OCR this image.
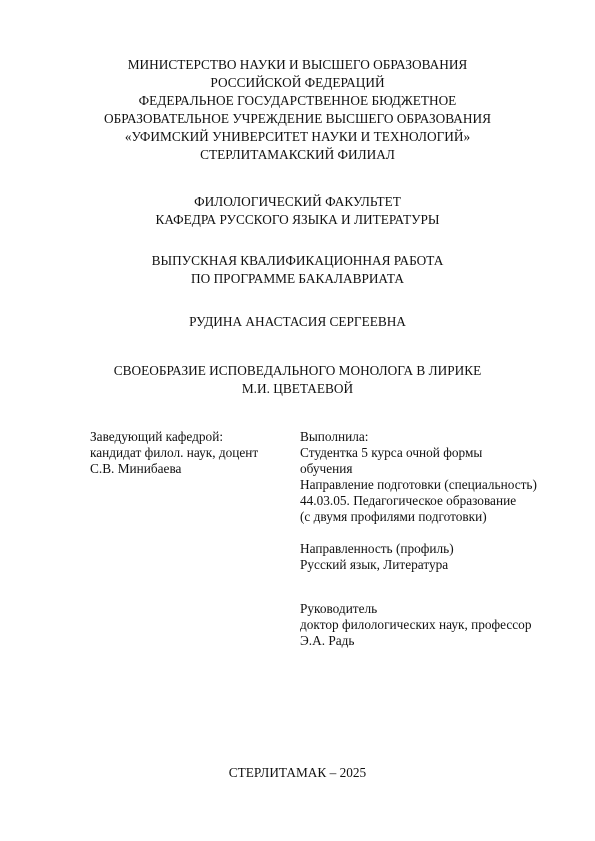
МИНИСТЕРСТВО НАУКИ И ВЫСШЕГО ОБРАЗОВАНИЯ
РОССИЙСКОЙ ФЕДЕРАЦИЙ
ФЕДЕРАЛЬНОЕ ГОСУДАРСТВЕННОЕ БЮДЖЕТНОЕ
ОБРАЗОВАТЕЛЬНОЕ УЧРЕЖДЕНИЕ ВЫСШЕГО ОБРАЗОВАНИЯ
«УФИМСКИЙ УНИВЕРСИТЕТ НАУКИ И ТЕХНОЛОГИЙ»
СТЕРЛИТАМАКСКИЙ ФИЛИАЛ
ФИЛОЛОГИЧЕСКИЙ ФАКУЛЬТЕТ
КАФЕДРА РУССКОГО ЯЗЫКА И ЛИТЕРАТУРЫ
ВЫПУСКНАЯ КВАЛИФИКАЦИОННАЯ РАБОТА
ПО ПРОГРАММЕ БАКАЛАВРИАТА
РУДИНА АНАСТАСИЯ СЕРГЕЕВНА
СВОЕОБРАЗИЕ ИСПОВЕДАЛЬНОГО МОНОЛОГА В ЛИРИКЕ
М.И. ЦВЕТАЕВОЙ
Заведующий кафедрой:
кандидат филол. наук, доцент
С.В. Минибаева
Выполнила:
Студентка 5 курса очной формы
обучения
Направление подготовки (специальность)
44.03.05. Педагогическое образование
(с двумя профилями подготовки)
Направленность (профиль)
Русский язык, Литература
Руководитель
доктор филологических наук, профессор
Э.А. Радь
СТЕРЛИТАМАК – 2025
